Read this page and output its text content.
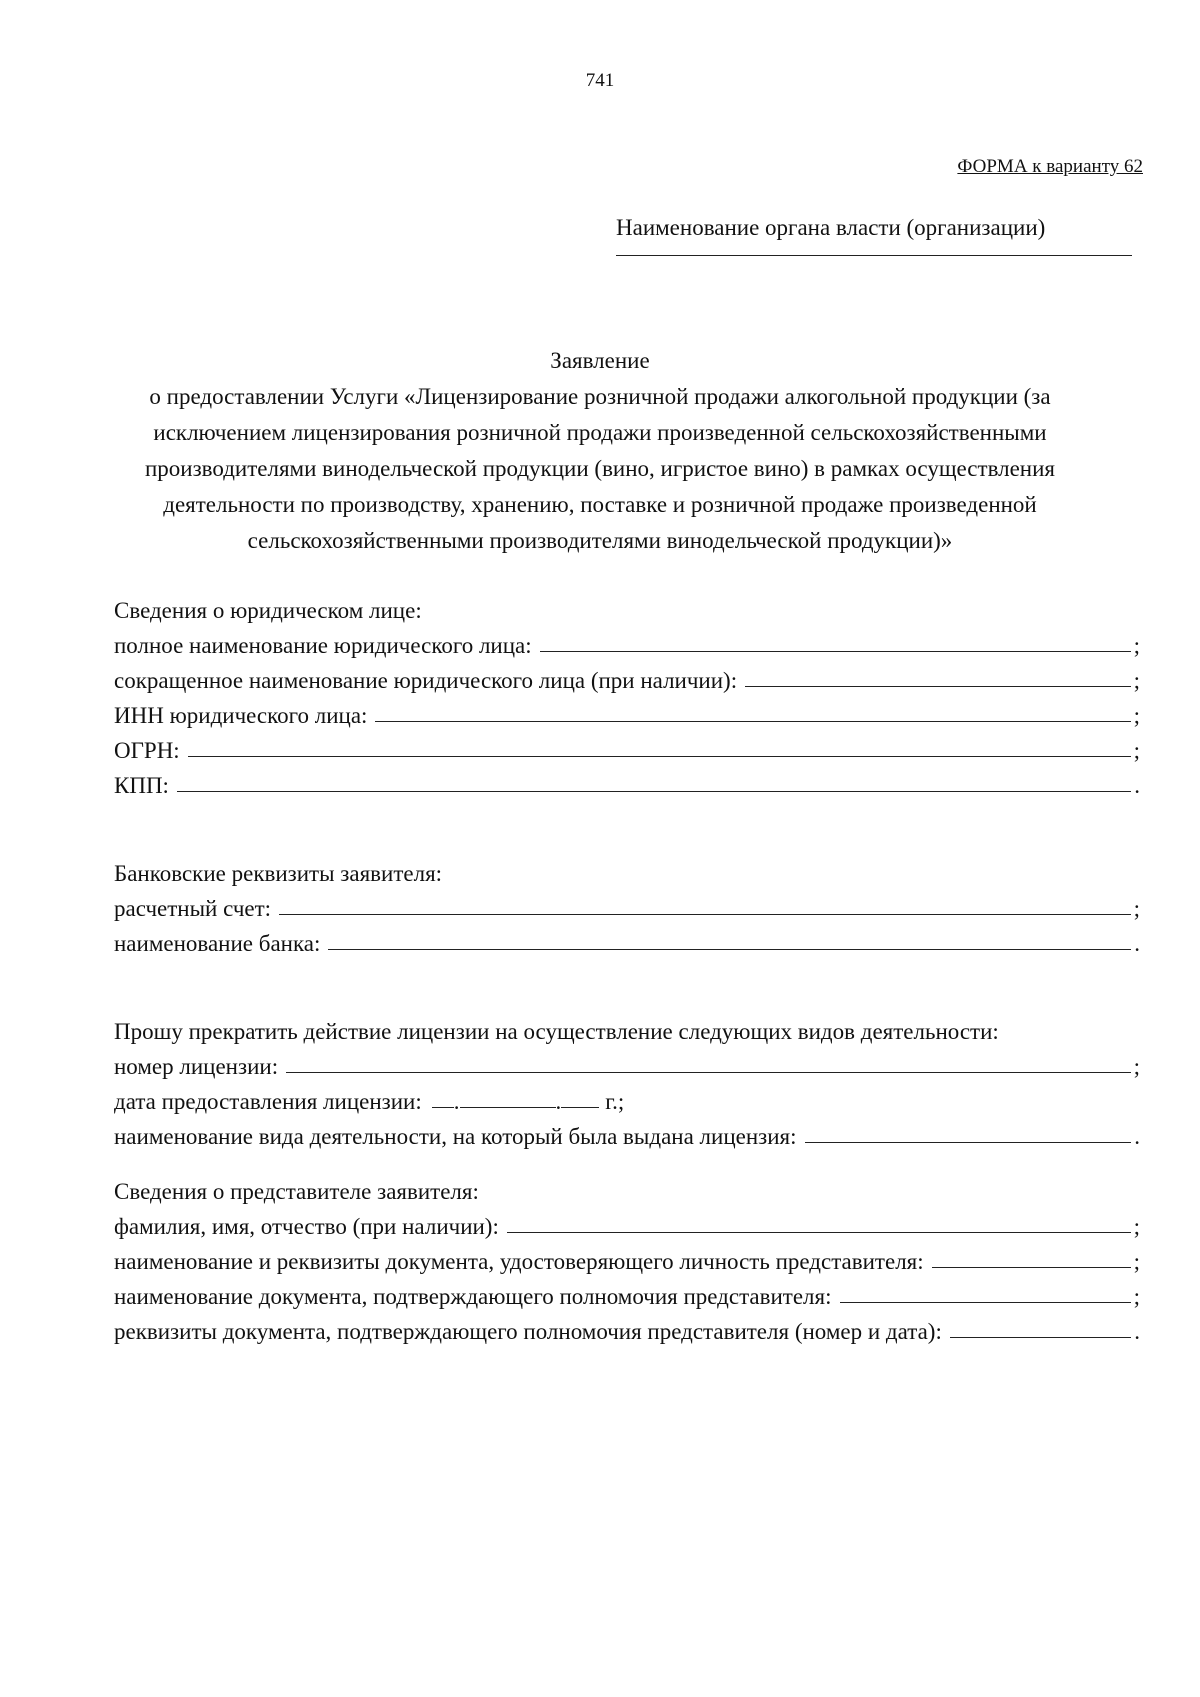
741
ФОРМА к варианту 62
Наименование органа власти (организации)
Заявление
о предоставлении Услуги «Лицензирование розничной продажи алкогольной продукции (за
исключением лицензирования розничной продажи произведенной сельскохозяйственными
производителями винодельческой продукции (вино, игристое вино) в рамках осуществления
деятельности по производству, хранению, поставке и розничной продаже произведенной
сельскохозяйственными производителями винодельческой продукции)»
Сведения о юридическом лице:
полное наименование юридического лица:	;
сокращенное наименование юридического лица (при наличии):	;
ИНН юридического лица:	;
ОГРН:	;
КПП:	.
Банковские реквизиты заявителя:
расчетный счет:	;
наименование банка:	.
Прошу прекратить действие лицензии на осуществление следующих видов деятельности:
номер лицензии:	;
дата предоставления лицензии: .	. г.;
наименование вида деятельности, на который была выдана лицензия:	.
Сведения о представителе заявителя:
фамилия, имя, отчество (при наличии):	;
наименование и реквизиты документа, удостоверяющего личность представителя:	;
наименование документа, подтверждающего полномочия представителя:	;
реквизиты документа, подтверждающего полномочия представителя (номер и дата):	.
